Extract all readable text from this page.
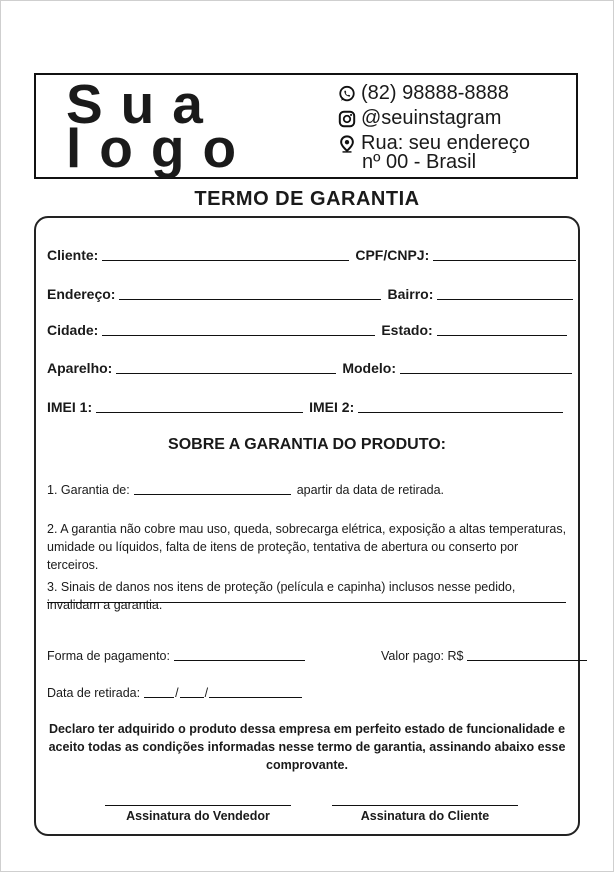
Sua
logo
(82) 98888-8888
@seuinstagram
Rua: seu endereço
nº 00 - Brasil
TERMO DE GARANTIA
Cliente:	CPF/CNPJ:
Endereço:	Bairro:
Cidade:	Estado:
Aparelho:	Modelo:
IMEI 1:	IMEI 2:
SOBRE A GARANTIA DO PRODUTO:
1. Garantia de:	apartir da data de retirada.
2. A garantia não cobre mau uso, queda, sobrecarga elétrica, exposição a altas temperaturas, umidade ou líquidos, falta de itens de proteção, tentativa de abertura ou conserto por terceiros.
3. Sinais de danos nos itens de proteção (película e capinha) inclusos nesse pedido, invalidam a garantia.
Forma de pagamento:	Valor pago: R$
Data de retirada:	/ /
Declaro ter adquirido o produto dessa empresa em perfeito estado de funcionalidade e aceito todas as condições informadas nesse termo de garantia, assinando abaixo esse comprovante.
Assinatura do Vendedor	Assinatura do Cliente
